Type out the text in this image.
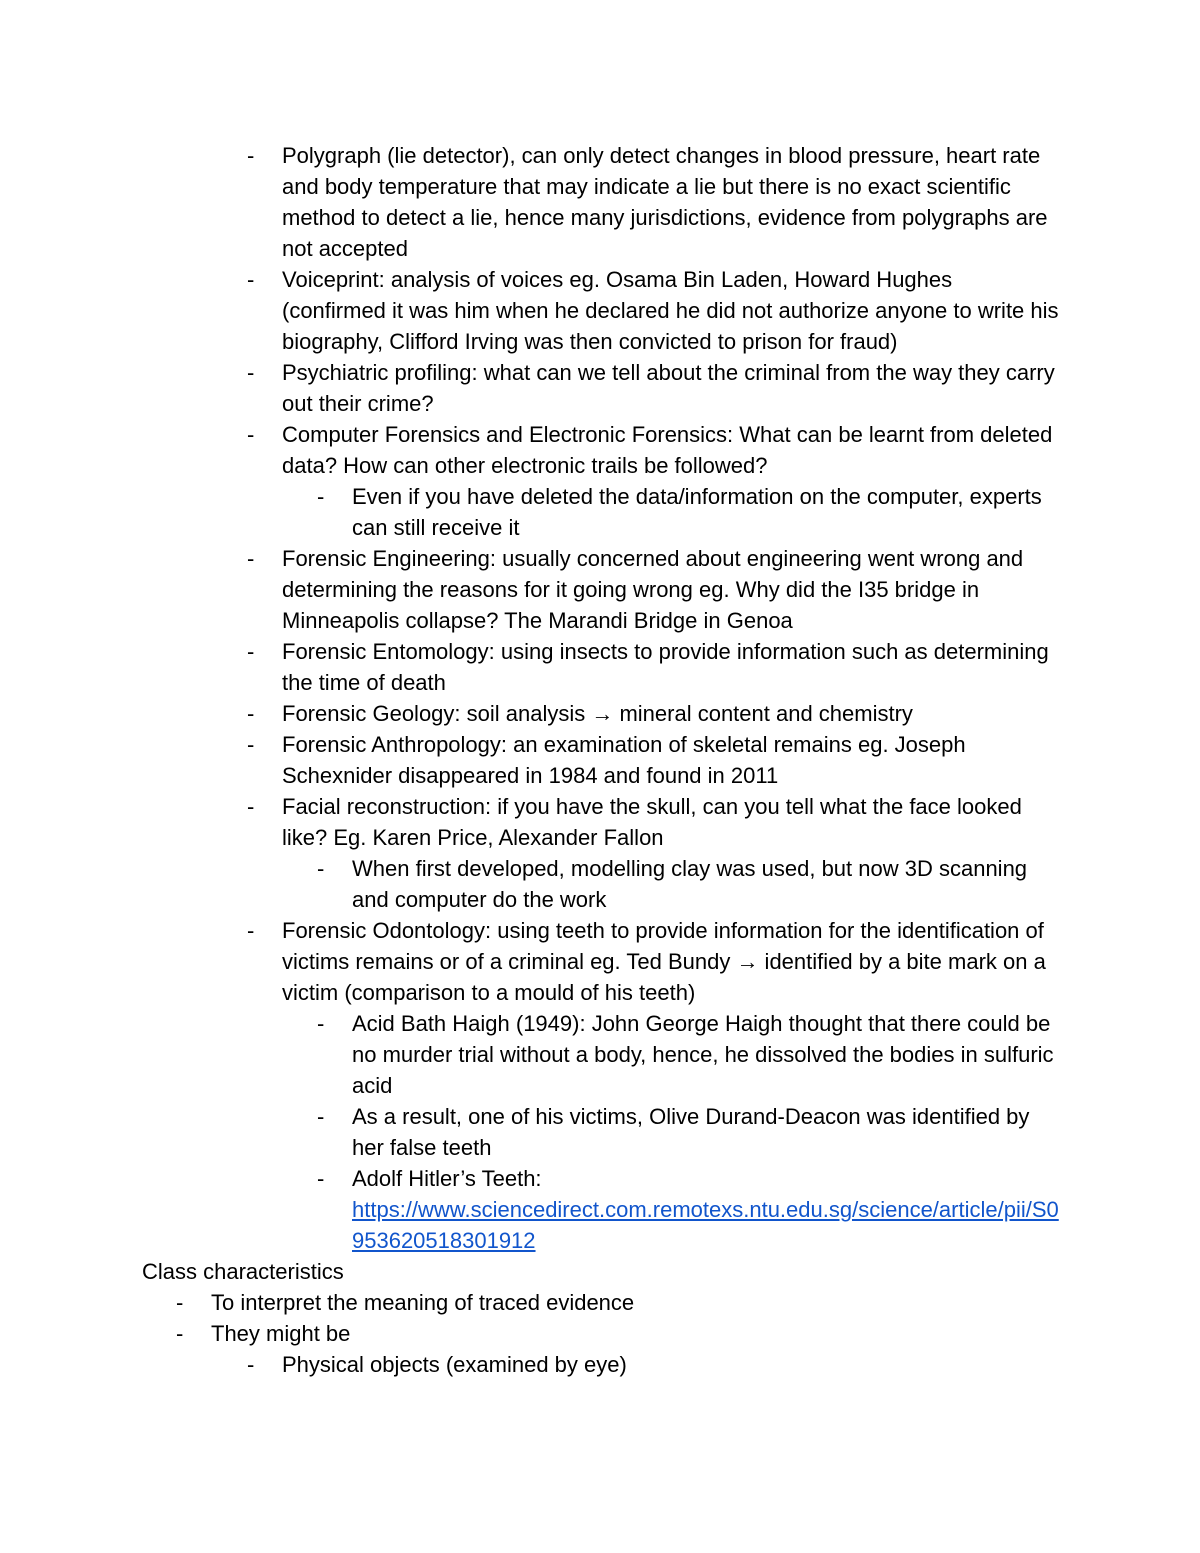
- Polygraph (lie detector), can only detect changes in blood pressure, heart rate and body temperature that may indicate a lie but there is no exact scientific method to detect a lie, hence many jurisdictions, evidence from polygraphs are not accepted
- Voiceprint: analysis of voices eg. Osama Bin Laden, Howard Hughes (confirmed it was him when he declared he did not authorize anyone to write his biography, Clifford Irving was then convicted to prison for fraud)
- Psychiatric profiling: what can we tell about the criminal from the way they carry out their crime?
- Computer Forensics and Electronic Forensics: What can be learnt from deleted data? How can other electronic trails be followed?
- Even if you have deleted the data/information on the computer, experts can still receive it
- Forensic Engineering: usually concerned about engineering went wrong and determining the reasons for it going wrong eg. Why did the I35 bridge in Minneapolis collapse? The Marandi Bridge in Genoa
- Forensic Entomology: using insects to provide information such as determining the time of death
- Forensic Geology: soil analysis → mineral content and chemistry
- Forensic Anthropology: an examination of skeletal remains eg. Joseph Schexnider disappeared in 1984 and found in 2011
- Facial reconstruction: if you have the skull, can you tell what the face looked like? Eg. Karen Price, Alexander Fallon
- When first developed, modelling clay was used, but now 3D scanning and computer do the work
- Forensic Odontology: using teeth to provide information for the identification of victims remains or of a criminal eg. Ted Bundy → identified by a bite mark on a victim (comparison to a mould of his teeth)
- Acid Bath Haigh (1949): John George Haigh thought that there could be no murder trial without a body, hence, he dissolved the bodies in sulfuric acid
- As a result, one of his victims, Olive Durand-Deacon was identified by her false teeth
- Adolf Hitler’s Teeth:
https://www.sciencedirect.com.remotexs.ntu.edu.sg/science/article/pii/S0953620518301912
Class characteristics
- To interpret the meaning of traced evidence
- They might be
- Physical objects (examined by eye)
